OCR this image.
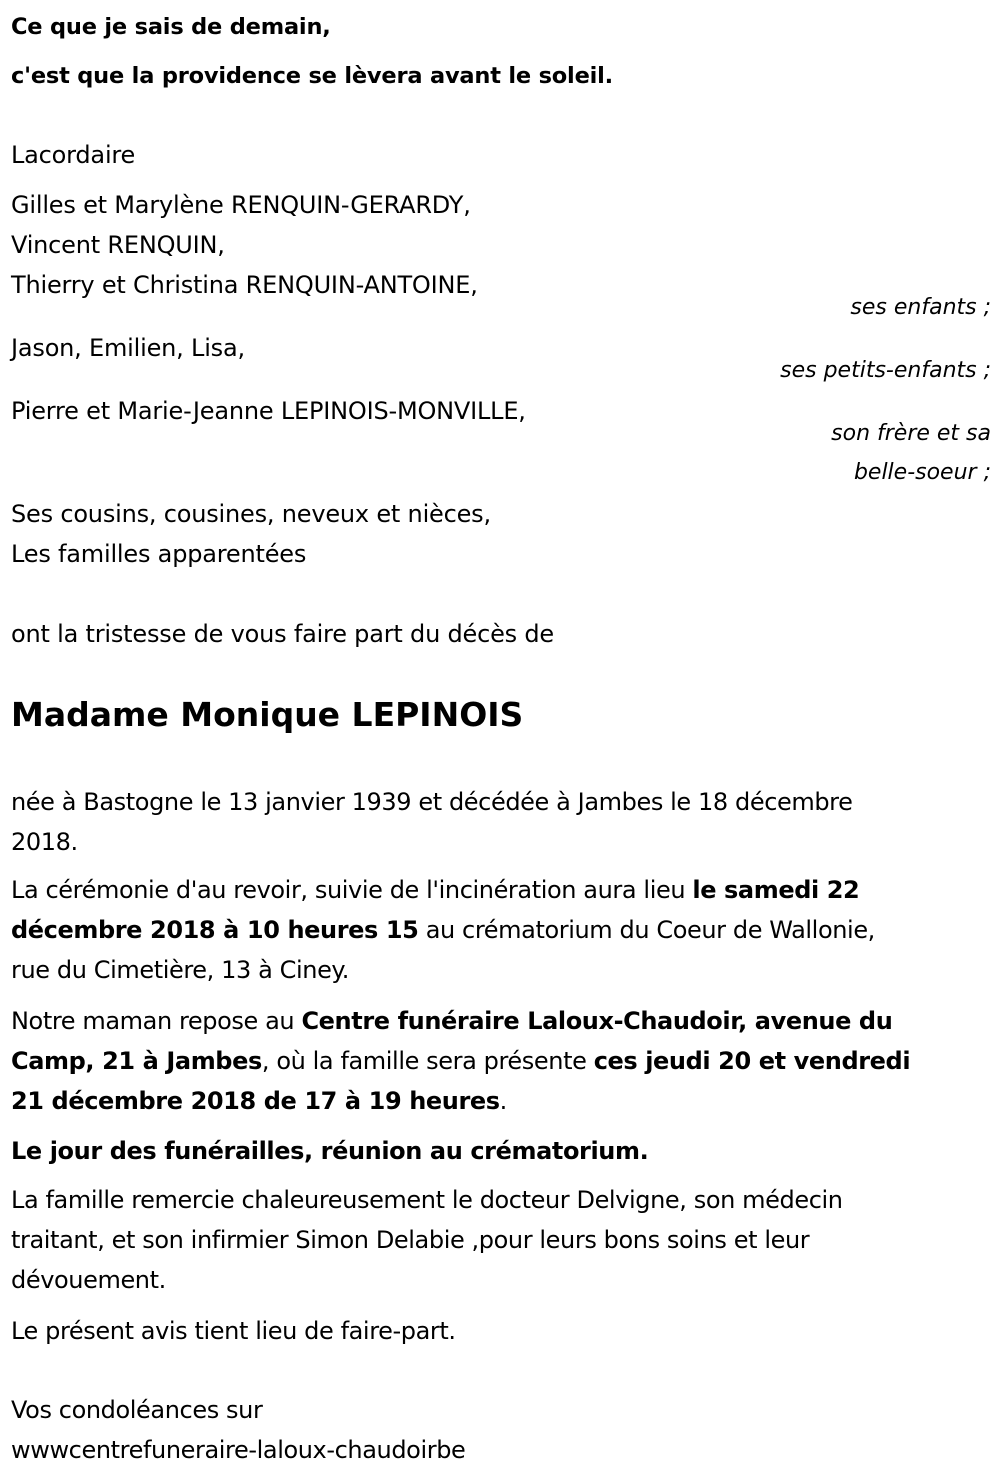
Ce que je sais de demain,
c'est que la providence se lèvera avant le soleil.
Lacordaire
Gilles et Marylène RENQUIN-GERARDY,
Vincent RENQUIN,
Thierry et Christina RENQUIN-ANTOINE,
ses enfants ;
Jason, Emilien, Lisa,
ses petits-enfants ;
Pierre et Marie-Jeanne LEPINOIS-MONVILLE,
son frère et sa
belle-soeur ;
Ses cousins, cousines, neveux et nièces,
Les familles apparentées
ont la tristesse de vous faire part du décès de
Madame Monique LEPINOIS
née à Bastogne le 13 janvier 1939 et décédée à Jambes le 18 décembre
2018.
La cérémonie d'au revoir, suivie de l'incinération aura lieu le samedi 22
décembre 2018 à 10 heures 15 au crématorium du Coeur de Wallonie,
rue du Cimetière, 13 à Ciney.
Notre maman repose au Centre funéraire Laloux-Chaudoir, avenue du
Camp, 21 à Jambes, où la famille sera présente ces jeudi 20 et vendredi
21 décembre 2018 de 17 à 19 heures.
Le jour des funérailles, réunion au crématorium.
La famille remercie chaleureusement le docteur Delvigne, son médecin
traitant, et son infirmier Simon Delabie ,pour leurs bons soins et leur
dévouement.
Le présent avis tient lieu de faire-part.
Vos condoléances sur
wwwcentrefuneraire-laloux-chaudoirbe
